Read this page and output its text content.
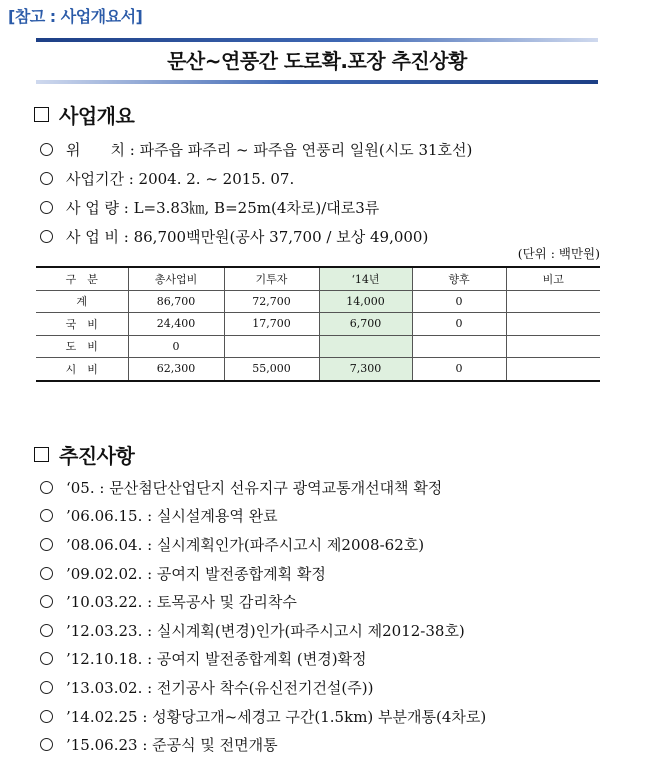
[참고 : 사업개요서]
문산~연풍간 도로확.포장 추진상황
사업개요
위　　치 : 파주읍 파주리 ~ 파주읍 연풍리 일원(시도 31호선)
사업기간 : 2004. 2. ~ 2015. 07.
사 업 량 : L=3.83㎞, B=25m(4차로)/대로3류
사 업 비 : 86,700백만원(공사 37,700 / 보상 49,000)
(단위 : 백만원)
구　분	총사업비	기투자	‘14년	향후	비고
계	86,700	72,700	14,000	0	
국　비	24,400	17,700	6,700	0	
도　비	0				
시　비	62,300	55,000	7,300	0	
추진사항
‘05. : 문산첨단산업단지 선유지구 광역교통개선대책 확정
’06.06.15. : 실시설계용역 완료
’08.06.04. : 실시계획인가(파주시고시 제2008-62호)
’09.02.02. : 공여지 발전종합계획 확정
’10.03.22. : 토목공사 및 감리착수
’12.03.23. : 실시계획(변경)인가(파주시고시 제2012-38호)
’12.10.18. : 공여지 발전종합계획 (변경)확정
’13.03.02. : 전기공사 착수(유신전기건설(주))
’14.02.25 : 성황당고개~세경고 구간(1.5km) 부분개통(4차로)
’15.06.23 : 준공식 및 전면개통
